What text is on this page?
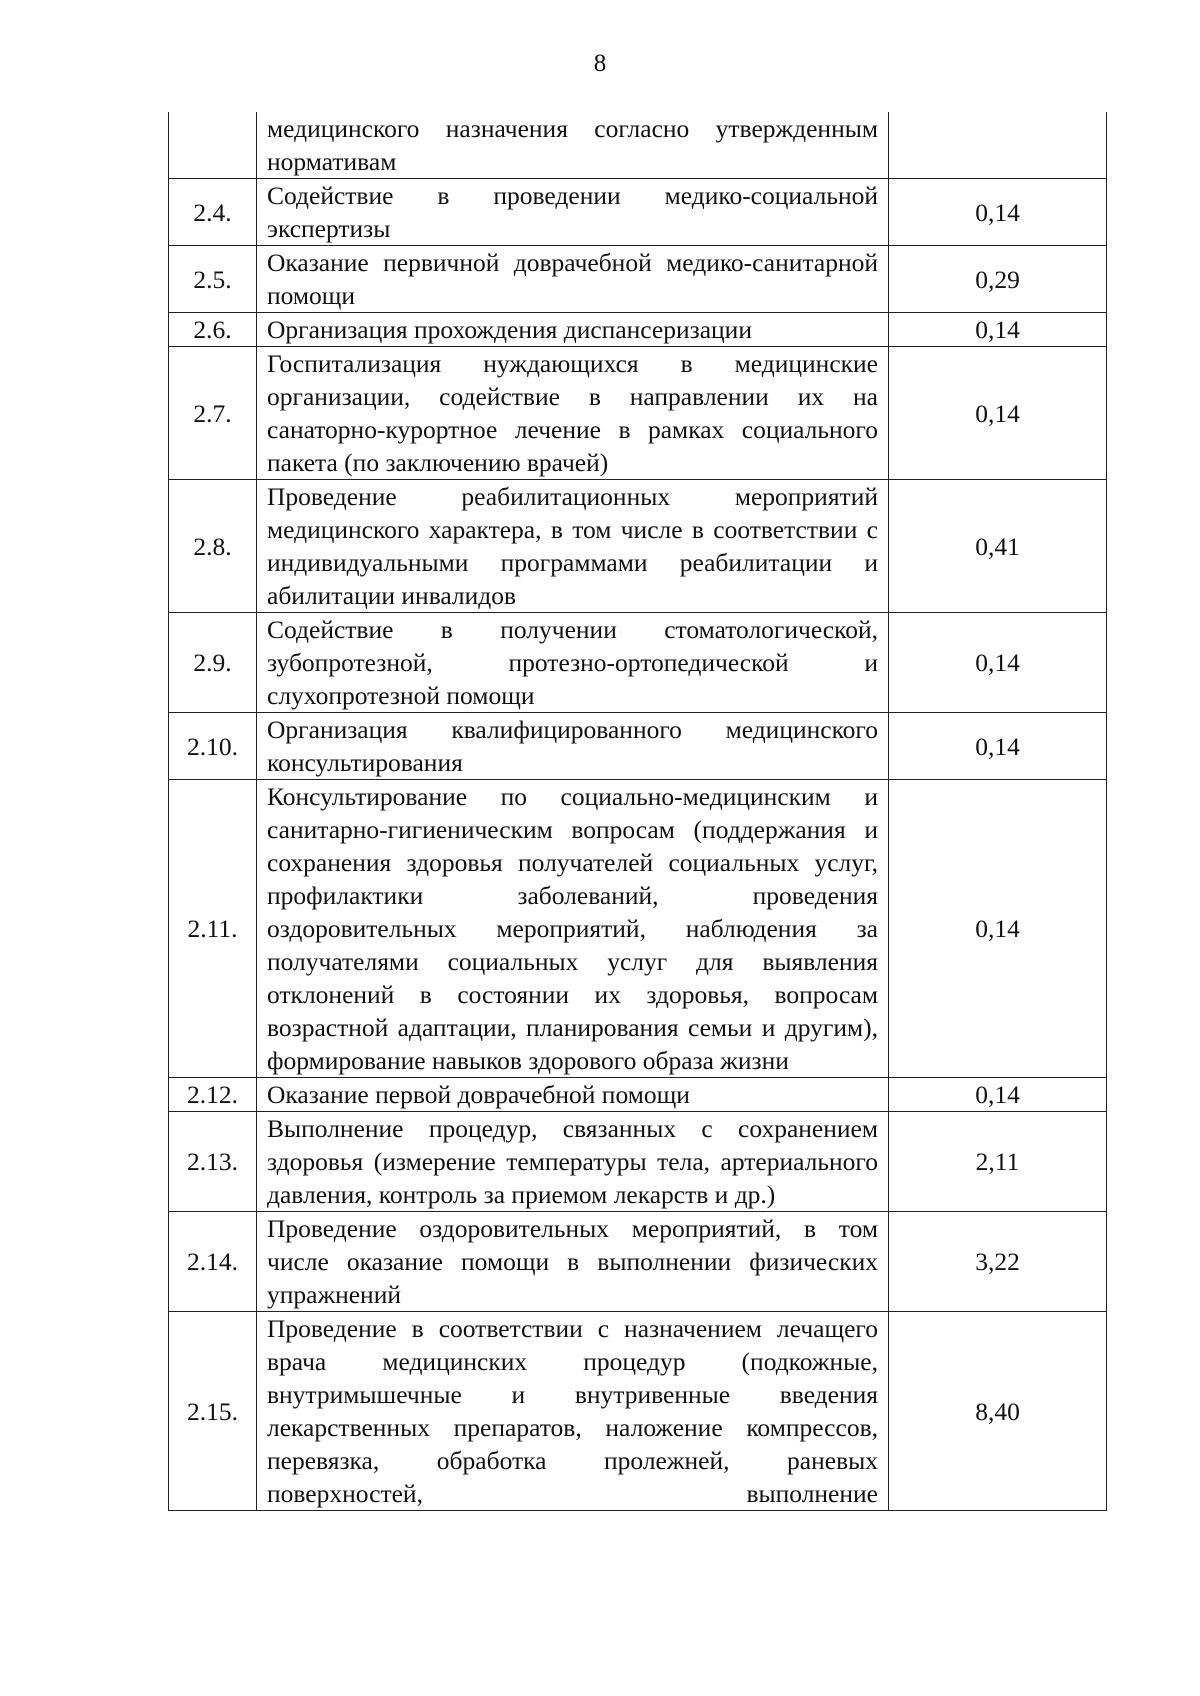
8
	медицинского назначения согласно утвержденным нормативам	
2.4.	Содействие в проведении медико-социальной экспертизы	0,14
2.5.	Оказание первичной доврачебной медико-санитарной помощи	0,29
2.6.	Организация прохождения диспансеризации	0,14
2.7.	Госпитализация нуждающихся в медицинские организации, содействие в направлении их на санаторно-курортное лечение в рамках социального пакета (по заключению врачей)	0,14
2.8.	Проведение реабилитационных мероприятий медицинского характера, в том числе в соответствии с индивидуальными программами реабилитации и абилитации инвалидов	0,41
2.9.	Содействие в получении стоматологической, зубопротезной, протезно-ортопедической и слухопротезной помощи	0,14
2.10.	Организация квалифицированного медицинского консультирования	0,14
2.11.	Консультирование по социально-медицинским и санитарно-гигиеническим вопросам (поддержания и сохранения здоровья получателей социальных услуг, профилактики заболеваний, проведения оздоровительных мероприятий, наблюдения за получателями социальных услуг для выявления отклонений в состоянии их здоровья, вопросам возрастной адаптации, планирования семьи и другим), формирование навыков здорового образа жизни	0,14
2.12.	Оказание первой доврачебной помощи	0,14
2.13.	Выполнение процедур, связанных с сохранением здоровья (измерение температуры тела, артериального давления, контроль за приемом лекарств и др.)	2,11
2.14.	Проведение оздоровительных мероприятий, в том числе оказание помощи в выполнении физических упражнений	3,22
2.15.	Проведение в соответствии с назначением лечащего врача медицинских процедур (подкожные, внутримышечные и внутривенные введения лекарственных препаратов, наложение компрессов, перевязка, обработка пролежней, раневых поверхностей, выполнение	8,40
